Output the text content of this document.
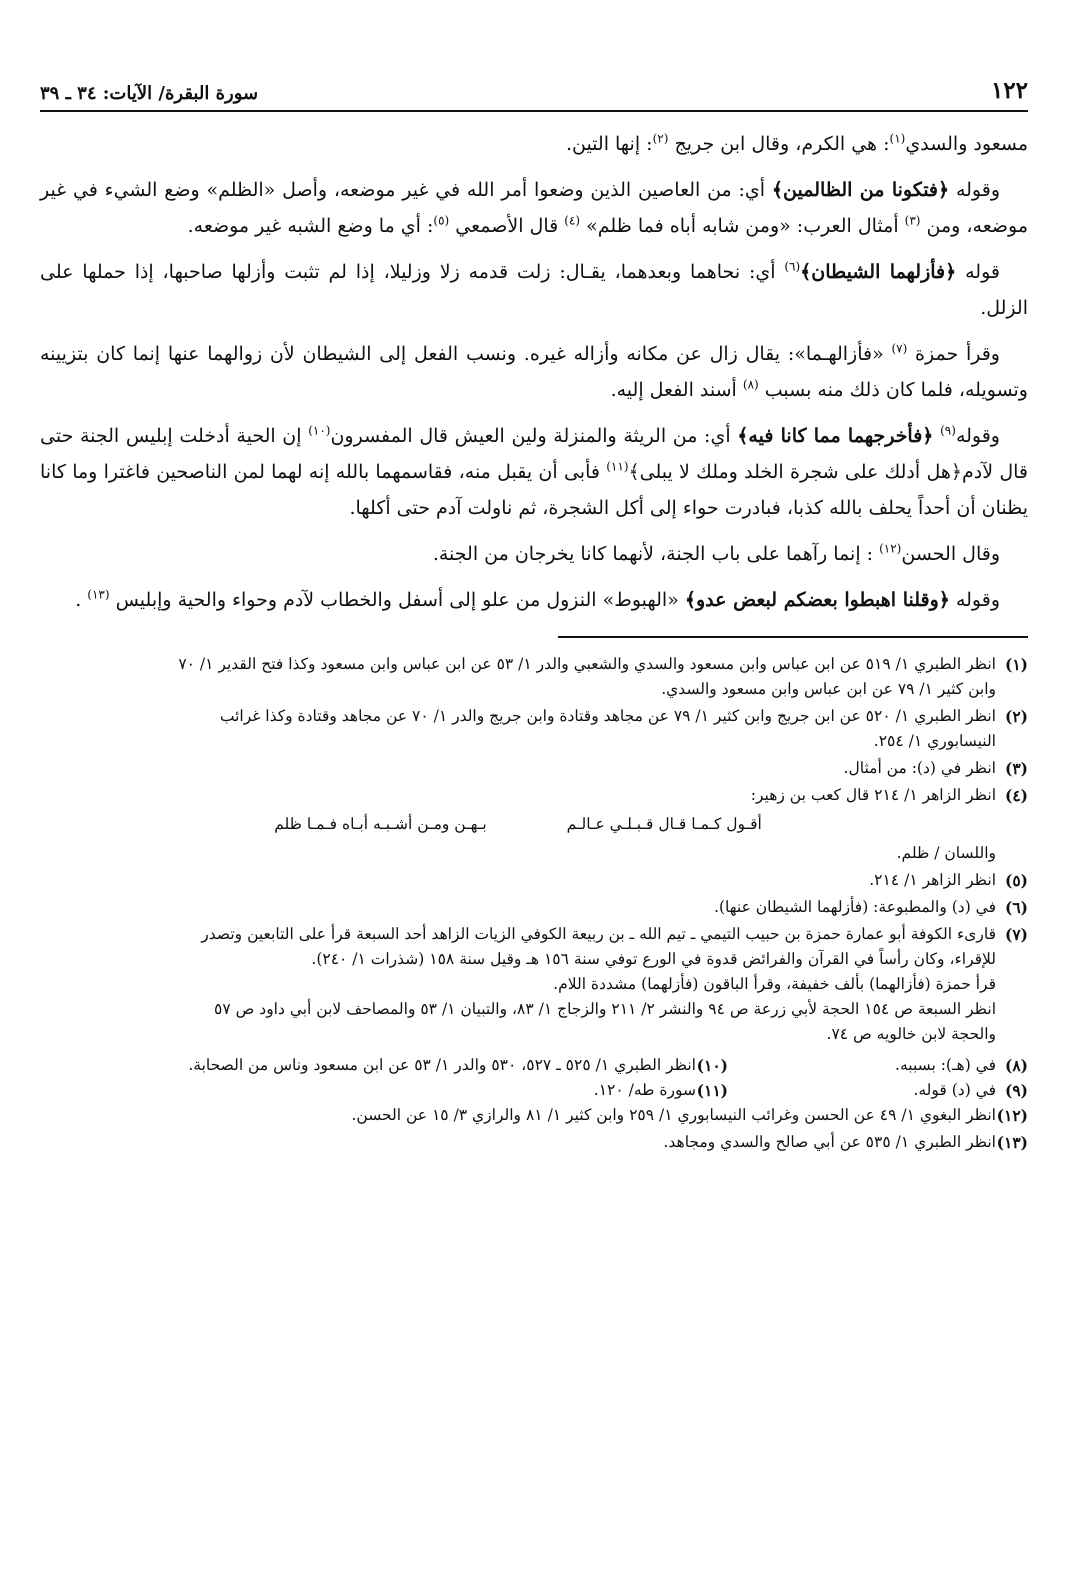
١٢٢
سورة البقرة/ الآيات: ٣٤ ـ ٣٩

مسعود والسدي$^{(١)}$: هي الكرم، وقال ابن جريج $^{(٢)}$: إنها التين.

وقوله ﴿فتكونا من الظالمين﴾ أي: من العاصين الذين وضعوا أمر الله في غير موضعه، وأصل «الظلم» وضع الشيء في غير موضعه، ومن $^{(٣)}$ أمثال العرب: «ومن شابه أباه فما ظلم» $^{(٤)}$ قال الأصمعي $^{(٥)}$: أي ما وضع الشبه غير موضعه.

قوله ﴿فأزلهما الشيطان﴾$^{(٦)}$ أي: نحاهما وبعدهما، يقـال: زلت قدمه زلا وزليلا، إذا لم تثبت وأزلها صاحبها، إذا حملها على الزلل.

وقرأ حمزة $^{(٧)}$ «فأزالهـما»: يقال زال عن مكانه وأزاله غيره. ونسب الفعل إلى الشيطان لأن زوالهما عنها إنما كان بتزيينه وتسويله، فلما كان ذلك منه بسبب $^{(٨)}$ أسند الفعل إليه.

وقوله$^{(٩)}$ ﴿فأخرجهما مما كانا فيه﴾ أي: من الريثة والمنزلة ولين العيش قال المفسرون$^{(١٠)}$ إن الحية أدخلت إبليس الجنة حتى قال لآدم﴿هل أدلك على شجرة الخلد وملك لا يبلى﴾$^{(١١)}$ فأبى أن يقبل منه، فقاسمهما بالله إنه لهما لمن الناصحين فاغترا وما كانا يظنان أن أحداً يحلف بالله كذبا، فبادرت حواء إلى أكل الشجرة، ثم ناولت آدم حتى أكلها.

وقال الحسن$^{(١٢)}$ : إنما رآهما على باب الجنة، لأنهما كانا يخرجان من الجنة.

وقوله ﴿وقلنا اهبطوا بعضكم لبعض عدو﴾ «الهبوط» النزول من علو إلى أسفل والخطاب لآدم وحواء والحية وإبليس $^{(١٣)}$ .

(١)
انظر الطبري ١/ ٥١٩ عن ابن عباس وابن مسعود والسدي والشعبي والدر ١/ ٥٣ عن ابن عباس وابن مسعود وكذا فتح القدير ١/ ٧٠
وابن كثير ١/ ٧٩ عن ابن عباس وابن مسعود والسدي.
(٢)
انظر الطبري ١/ ٥٢٠ عن ابن جريج وابن كثير ١/ ٧٩ عن مجاهد وقتادة وابن جريج والدر ١/ ٧٠ عن مجاهد وقتادة وكذا غرائب
النيسابوري ١/ ٢٥٤.
(٣)
انظر في (د): من أمثال.
(٤)
انظر الزاهر ١/ ٢١٤ قال كعب بن زهير:
أقـول كـمـا قـال قـبـلـي عـالـم
بـهـن ومـن أشـبـه أبـاه فـمـا ظلم
واللسان / ظلم.
(٥)
انظر الزاهر ١/ ٢١٤.
(٦)
في (د) والمطبوعة: (فأزلهما الشيطان عنها).
(٧)
قارىء الكوفة أبو عمارة حمزة بن حبيب التيمي ـ تيم الله ـ بن ربيعة الكوفي الزيات الزاهد أحد السبعة قرأ على التابعين وتصدر
للإقراء، وكان رأساً في القرآن والفرائض قدوة في الورع توفي سنة ١٥٦ هـ وقيل سنة ١٥٨ (شذرات ١/ ٢٤٠).
قرأ حمزة (فأزالهما) بألف خفيفة، وقرأ الباقون (فأزلهما) مشددة اللام.
انظر السبعة ص ١٥٤ الحجة لأبي زرعة ص ٩٤ والنشر ٢/ ٢١١ والزجاج ١/ ٨٣، والتبيان ١/ ٥٣ والمصاحف لابن أبي داود ص ٥٧
والحجة لابن خالويه ص ٧٤.
(٨)
في (هـ): بسببه.
(١٠)
انظر الطبري ١/ ٥٢٥ ـ ٥٢٧، ٥٣٠ والدر ١/ ٥٣ عن ابن مسعود وناس من الصحابة.
(٩)
في (د) قوله.
(١١)
سورة طه/ ١٢٠.
(١٢)
انظر البغوي ١/ ٤٩ عن الحسن وغرائب النيسابوري ١/ ٢٥٩ وابن كثير ١/ ٨١ والرازي ٣/ ١٥ عن الحسن.
(١٣)
انظر الطبري ١/ ٥٣٥ عن أبي صالح والسدي ومجاهد.
